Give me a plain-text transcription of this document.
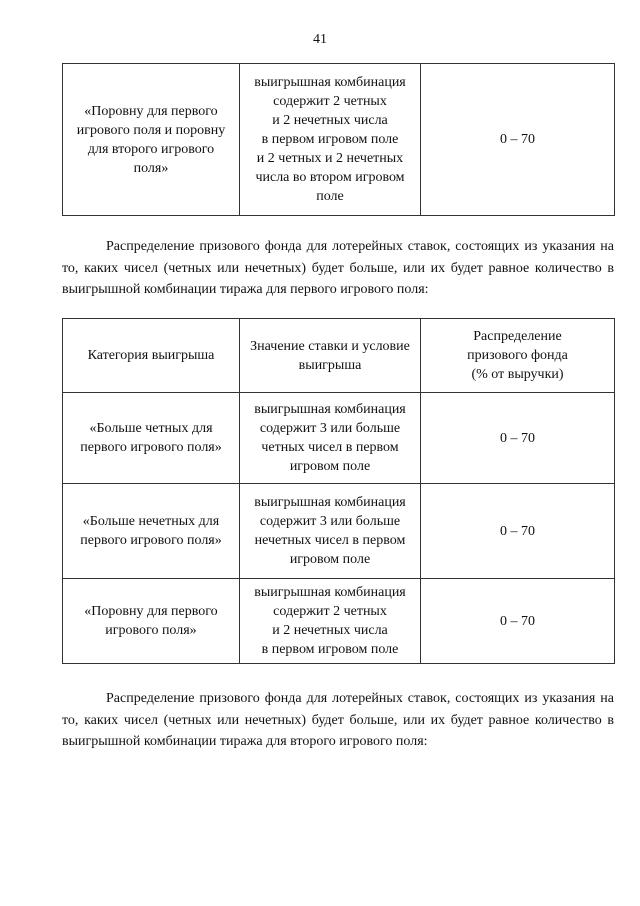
41
«Поровну для первого
игрового поля и поровну
для второго игрового
поля»	выигрышная комбинация
содержит 2 четных
и 2 нечетных числа
в первом игровом поле
и 2 четных и 2 нечетных
числа во втором игровом
поле	0 – 70

Распределение призового фонда для лотерейных ставок, состоящих из указания на то, каких чисел (четных или нечетных) будет больше, или их будет равное количество в выигрышной комбинации тиража для первого игрового поля:

Категория выигрыша	Значение ставки и условие
выигрыша	Распределение
призового фонда
(% от выручки)
«Больше четных для
первого игрового поля»	выигрышная комбинация
содержит 3 или больше
четных чисел в первом
игровом поле	0 – 70
«Больше нечетных для
первого игрового поля»	выигрышная комбинация
содержит 3 или больше
нечетных чисел в первом
игровом поле	0 – 70
«Поровну для первого
игрового поля»	выигрышная комбинация
содержит 2 четных
и 2 нечетных числа
в первом игровом поле	0 – 70

Распределение призового фонда для лотерейных ставок, состоящих из указания на то, каких чисел (четных или нечетных) будет больше, или их будет равное количество в выигрышной комбинации тиража для второго игрового поля:
